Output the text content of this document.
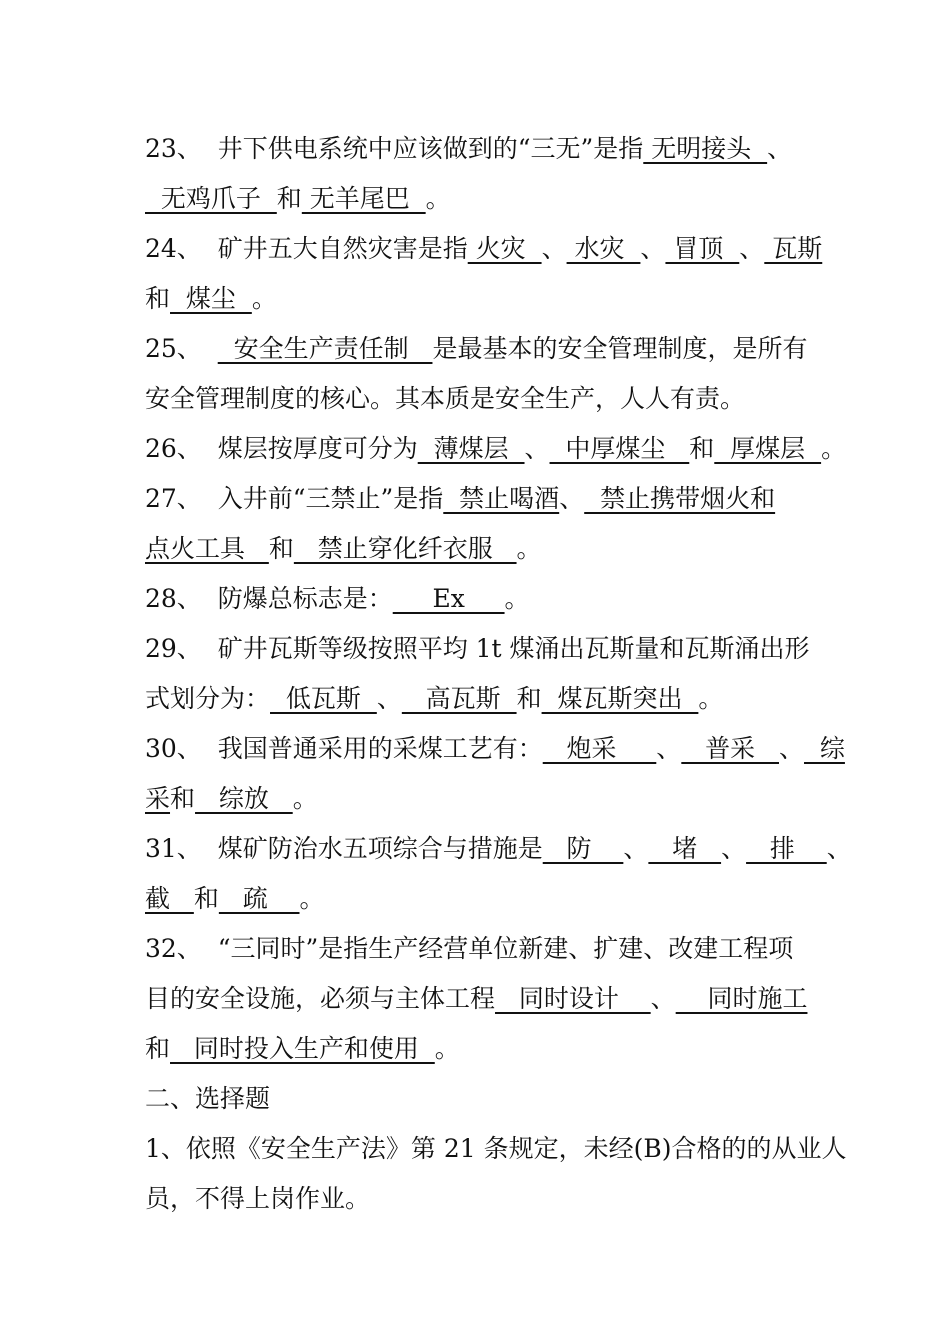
23、  井下供电系统中应该做到的“三无”是指 无明接头  、
无鸡爪子  和 无羊尾巴  。
24、  矿井五大自然灾害是指 火灾  、 水灾  、 冒顶  、 瓦斯
和  煤尘  。
25、    安全生产责任制   是最基本的安全管理制度，是所有
安全管理制度的核心。其本质是安全生产，人人有责。
26、  煤层按厚度可分为  薄煤层  、  中厚煤尘   和  厚煤层  。
27、  入井前“三禁止”是指  禁止喝酒、  禁止携带烟火和
点火工具   和   禁止穿化纤衣服   。
28、  防爆总标志是：     Ex     。
29、  矿井瓦斯等级按照平均 1t 煤涌出瓦斯量和瓦斯涌出形
式划分为：  低瓦斯  、   高瓦斯  和  煤瓦斯突出  。
30、  我国普通采用的采煤工艺有：   炮采     、   普采   、  综
采和   综放   。
31、  煤矿防治水五项综合与措施是   防    、   堵   、   排    、
截   和   疏    。
32、  “三同时”是指生产经营单位新建、扩建、改建工程项
目的安全设施，必须与主体工程   同时设计    、    同时施工
和   同时投入生产和使用  。
二、选择题
1、依照《安全生产法》第 21 条规定，未经(B)合格的的从业人
员，不得上岗作业。
